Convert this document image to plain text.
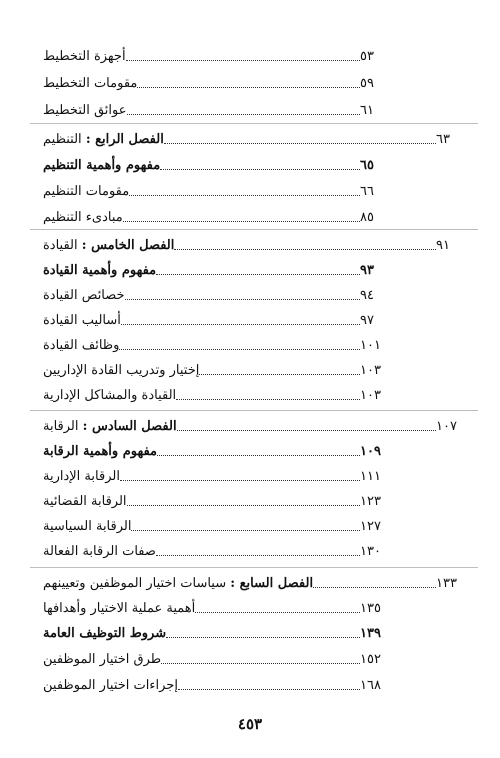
أجهزة التخطيط	٥٣
مقومات التخطيط	٥٩
عوائق التخطيط	٦١
الفصل الرابع : التنظيم	٦٣
مفهوم وأهمية التنظيم	٦٥
مقومات التنظيم	٦٦
مبادىء التنظيم	٨٥
الفصل الخامس : القيادة	٩١
مفهوم وأهمية القيادة	٩٣
خصائص القيادة	٩٤
أساليب القيادة	٩٧
وظائف القيادة	١٠١
إختيار وتدريب القادة الإداريين	١٠٣
القيادة والمشاكل الإدارية	١٠٣
الفصل السادس : الرقابة	١٠٧
مفهوم وأهمية الرقابة	١٠٩
الرقابة الإدارية	١١١
الرقابة القضائية	١٢٣
الرقابة السياسية	١٢٧
صفات الرقابة الفعالة	١٣٠
الفصل السابع : سياسات اختيار الموظفين وتعيينهم	١٣٣
أهمية عملية الاختيار وأهدافها	١٣٥
شروط التوظيف العامة	١٣٩
طرق اختيار الموظفين	١٥٢
إجراءات اختيار الموظفين	١٦٨
٤٥٣
